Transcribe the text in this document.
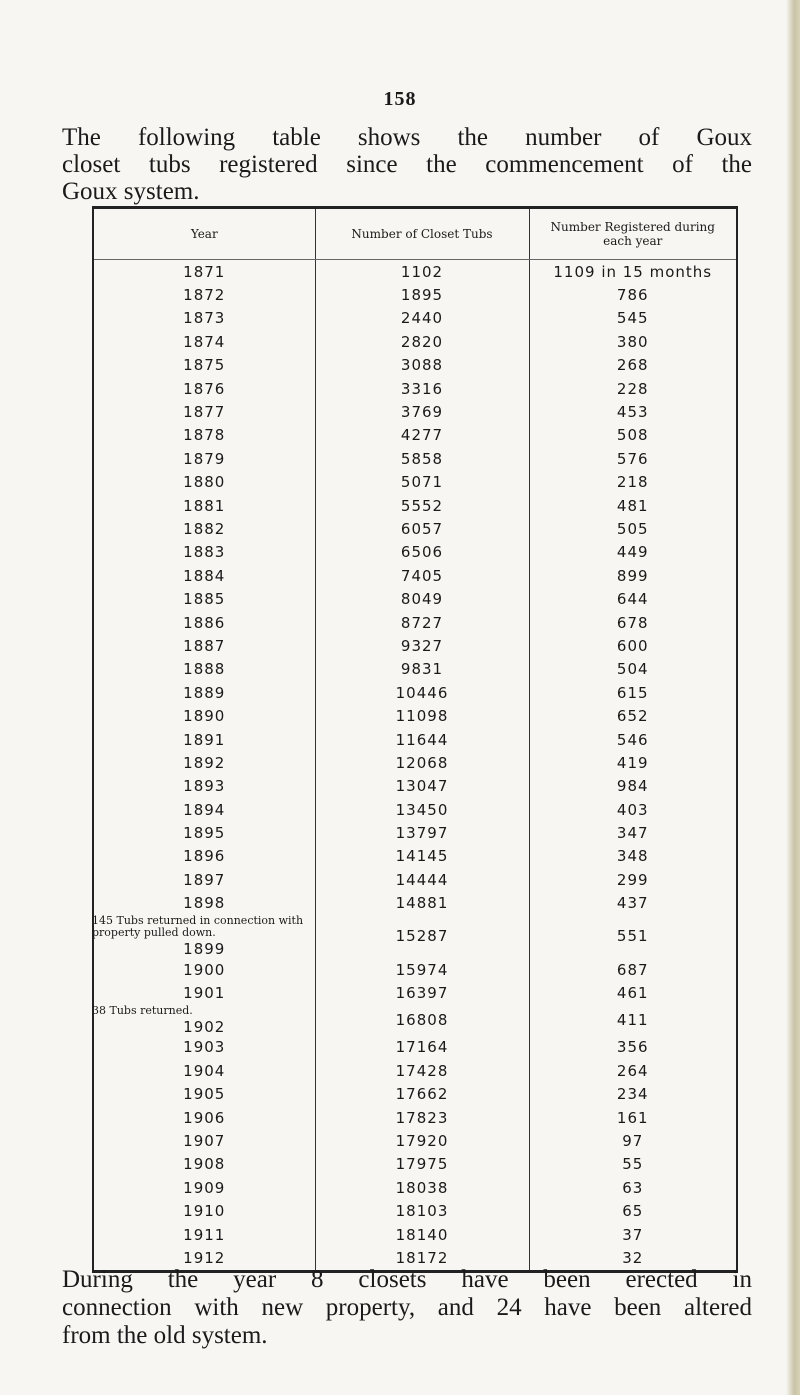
158
The following table shows the number of Goux
closet tubs registered since the commencement of the
Goux system.
Year	Number of Closet Tubs	Number Registered during each year
1871	1102	1109 in 15 months
1872	1895	786
1873	2440	545
1874	2820	380
1875	3088	268
1876	3316	228
1877	3769	453
1878	4277	508
1879	5858	576
1880	5071	218
1881	5552	481
1882	6057	505
1883	6506	449
1884	7405	899
1885	8049	644
1886	8727	678
1887	9327	600
1888	9831	504
1889	10446	615
1890	11098	652
1891	11644	546
1892	12068	419
1893	13047	984
1894	13450	403
1895	13797	347
1896	14145	348
1897	14444	299
1898	14881	437

145 Tubs returned in connection with property pulled down.
1899	15287	551
1900	15974	687
1901	16397	461

38 Tubs returned.
1902	16808	411
1903	17164	356
1904	17428	264
1905	17662	234
1906	17823	161
1907	17920	97
1908	17975	55
1909	18038	63
1910	18103	65
1911	18140	37
1912	18172	32
During the year 8 closets have been erected in
connection with new property, and 24 have been altered
from the old system.
